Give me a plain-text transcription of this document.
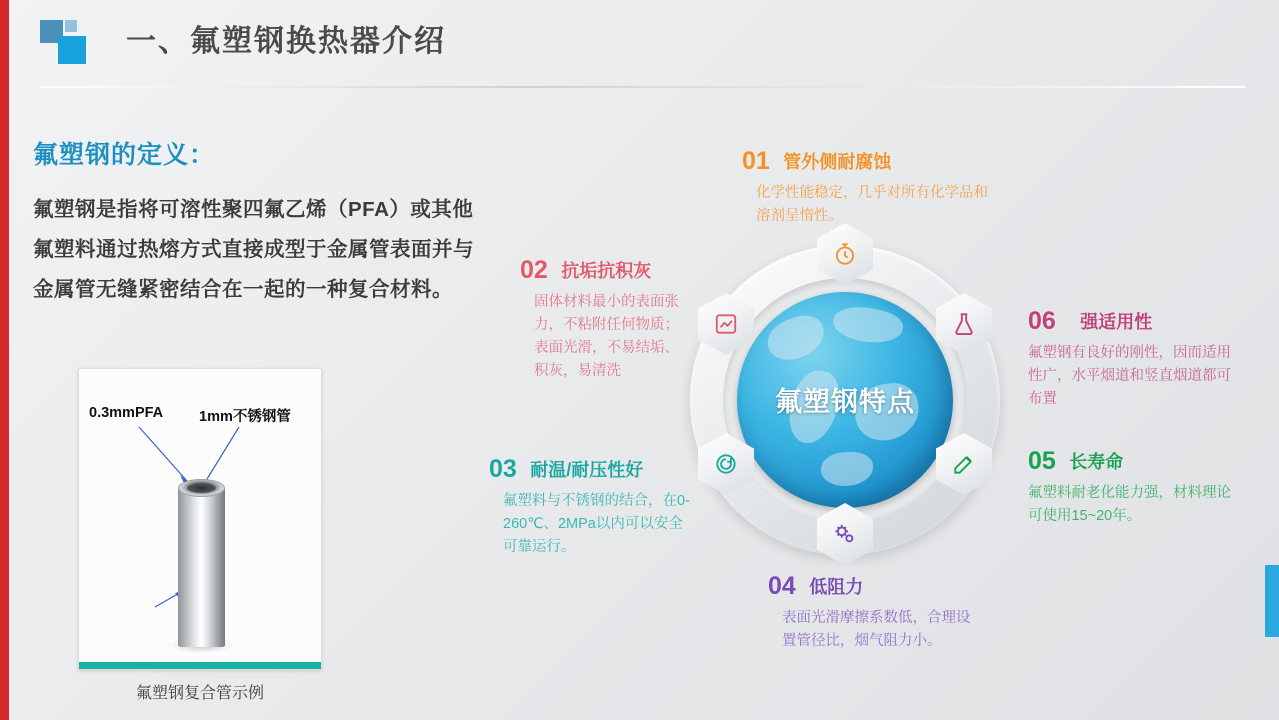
一、氟塑钢换热器介绍
氟塑钢的定义：
氟塑钢是指将可溶性聚四氟乙烯（PFA）或其他氟塑料通过热熔方式直接成型于金属管表面并与金属管无缝紧密结合在一起的一种复合材料。
0.3mmPFA 1mm不锈钢管
氟塑钢复合管示例
氟塑钢特点
01 管外侧耐腐蚀
化学性能稳定，几乎对所有化学品和溶剂呈惰性。
02 抗垢抗积灰
固体材料最小的表面张力，不粘附任何物质；表面光滑，不易结垢、积灰，易清洗
03 耐温/耐压性好
氟塑料与不锈钢的结合，在0-260℃、2MPa以内可以安全可靠运行。
04 低阻力
表面光滑摩擦系数低，合理设置管径比，烟气阻力小。
05 长寿命
氟塑料耐老化能力强，材料理论可使用15~20年。
06 强适用性
氟塑钢有良好的刚性，因而适用性广，水平烟道和竖直烟道都可布置
